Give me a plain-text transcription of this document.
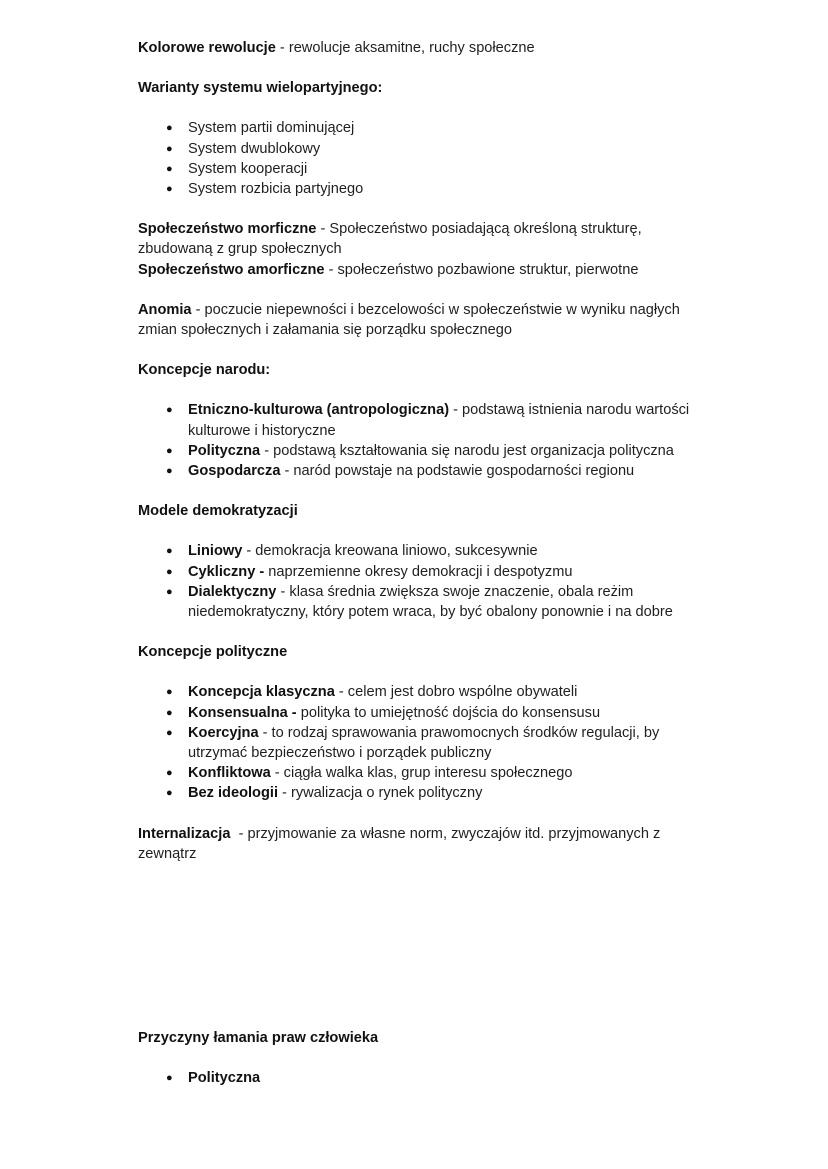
Kolorowe rewolucje - rewolucje aksamitne, ruchy społeczne

Warianty systemu wielopartyjnego:

● System partii dominującej
● System dwublokowy
● System kooperacji
● System rozbicia partyjnego

Społeczeństwo morficzne - Społeczeństwo posiadającą określoną strukturę, zbudowaną z grup społecznych

Społeczeństwo amorficzne - społeczeństwo pozbawione struktur, pierwotne

Anomia - poczucie niepewności i bezcelowości w społeczeństwie w wyniku nagłych zmian społecznych i załamania się porządku społecznego

Koncepcje narodu:

● Etniczno-kulturowa (antropologiczna) - podstawą istnienia narodu wartości kulturowe i historyczne
● Polityczna - podstawą kształtowania się narodu jest organizacja polityczna
● Gospodarcza - naród powstaje na podstawie gospodarności regionu

Modele demokratyzacji

● Liniowy - demokracja kreowana liniowo, sukcesywnie
● Cykliczny - naprzemienne okresy demokracji i despotyzmu
● Dialektyczny - klasa średnia zwiększa swoje znaczenie, obala reżim niedemokratyczny, który potem wraca, by być obalony ponownie i na dobre

Koncepcje polityczne

● Koncepcja klasyczna - celem jest dobro wspólne obywateli
● Konsensualna - polityka to umiejętność dojścia do konsensusu
● Koercyjna - to rodzaj sprawowania prawomocnych środków regulacji, by utrzymać bezpieczeństwo i porządek publiczny
● Konfliktowa - ciągła walka klas, grup interesu społecznego
● Bez ideologii - rywalizacja o rynek polityczny

Internalizacja  - przyjmowanie za własne norm, zwyczajów itd. przyjmowanych z zewnątrz

Przyczyny łamania praw człowieka

● Polityczna
